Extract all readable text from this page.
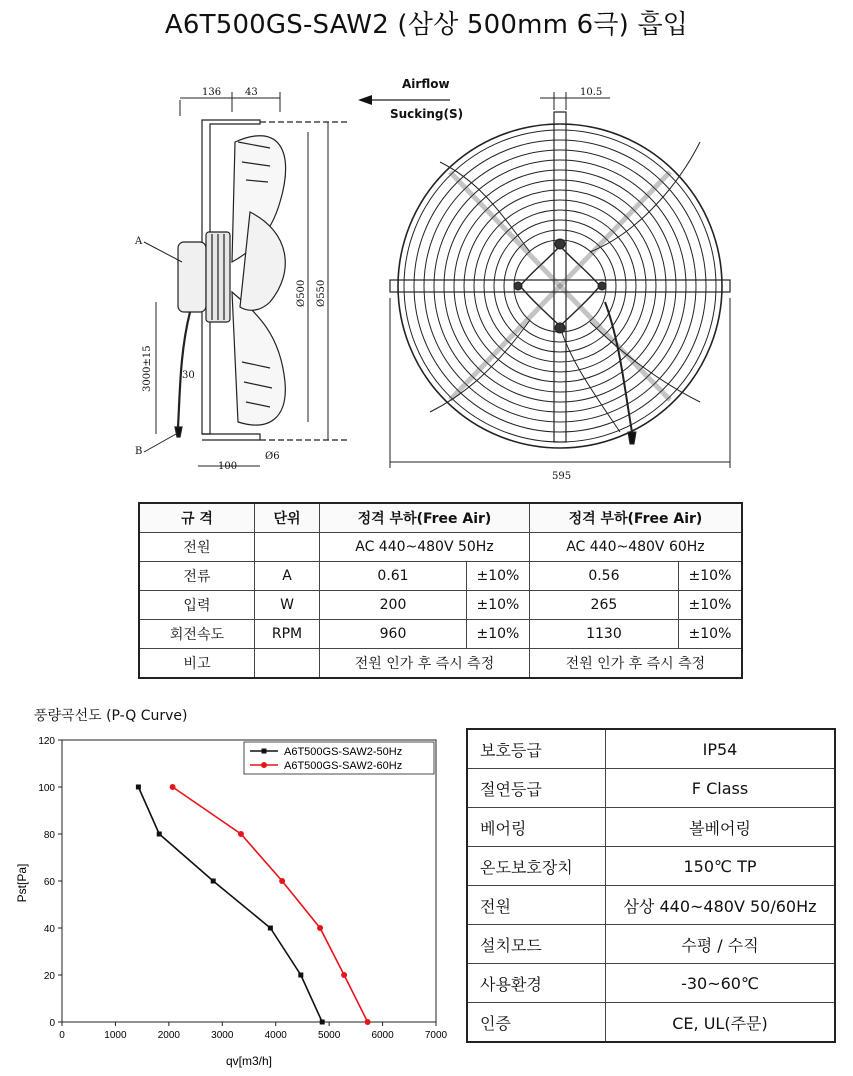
A6T500GS-SAW2 (삼상 500mm 6극) 흡입
136 43
A
B
3000±15	30
100
Ø6
Ø500 Ø550
Airflow
Sucking(S)
10.5
595
규 격	단위	정격 부하(Free Air)		정격 부하(Free Air)	
전원		AC 440~480V 50Hz		AC 440~480V 60Hz	
전류	A	0.61	±10%	0.56	±10%
입력	W	200	±10%	265	±10%
회전속도	RPM	960	±10%	1130	±10%
비고		전원 인가 후 즉시 측정		전원 인가 후 즉시 측정	
풍량곡선도 (P-Q Curve)
0	1000	2000	3000	4000	5000	6000	7000
0
20
40
60
80
100
120
A6T500GS-SAW2-50Hz
A6T500GS-SAW2-60Hz
qv[m3/h]
Pst[Pa]
보호등급	IP54

절연등급	F Class

베어링	볼베어링

온도보호장치	150℃ TP

전원	삼상 440~480V 50/60Hz

설치모드	수평 / 수직

사용환경	-30~60℃

인증	CE, UL(주문)
